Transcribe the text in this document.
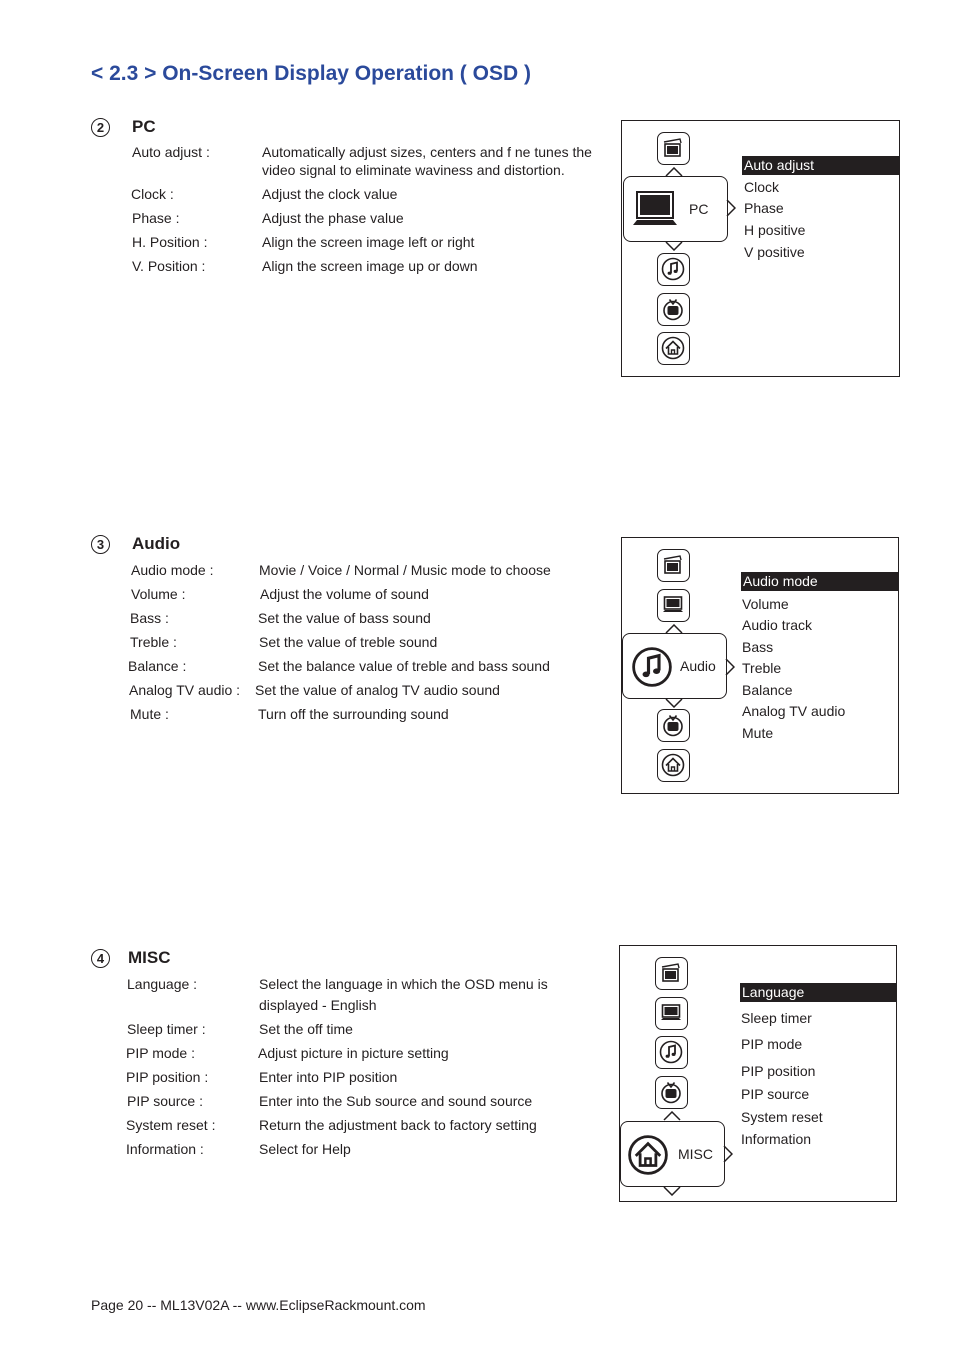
< 2.3 > On-Screen Display Operation ( OSD )
2	PC
Auto adjust :	Automatically adjust sizes, centers and f ne tunes the
video signal to eliminate waviness and distortion.
Clock :	Adjust the clock value
Phase :	Adjust the phase value
H. Position :	Align the screen image left or right
V. Position :	Align the screen image up or down
PC
Auto adjust
Clock
Phase
H positive
V positive
3	Audio
Audio mode :	Movie / Voice / Normal / Music mode to choose
Volume :	Adjust the volume of sound
Bass :	Set the value of bass sound
Treble :	Set the value of treble sound
Balance :	Set the balance value of treble and bass sound
Analog TV audio : Set the value of analog TV audio sound
Mute :	Turn off the surrounding sound
Audio
Audio mode
Volume
Audio track
Bass
Treble
Balance
Analog TV audio
Mute
4	MISC
Language :	Select the language in which the OSD menu is
displayed - English
Sleep timer :	Set the off time
PIP mode :	Adjust picture in picture setting
PIP position :	Enter into PIP position
PIP source :	Enter into the Sub source and sound source
System reset :	Return the adjustment back to factory setting
Information :	Select for Help	MISC
Language
Sleep timer
PIP mode
PIP position
PIP source
System reset
Information
Page 20 -- ML13V02A -- www.EclipseRackmount.com
